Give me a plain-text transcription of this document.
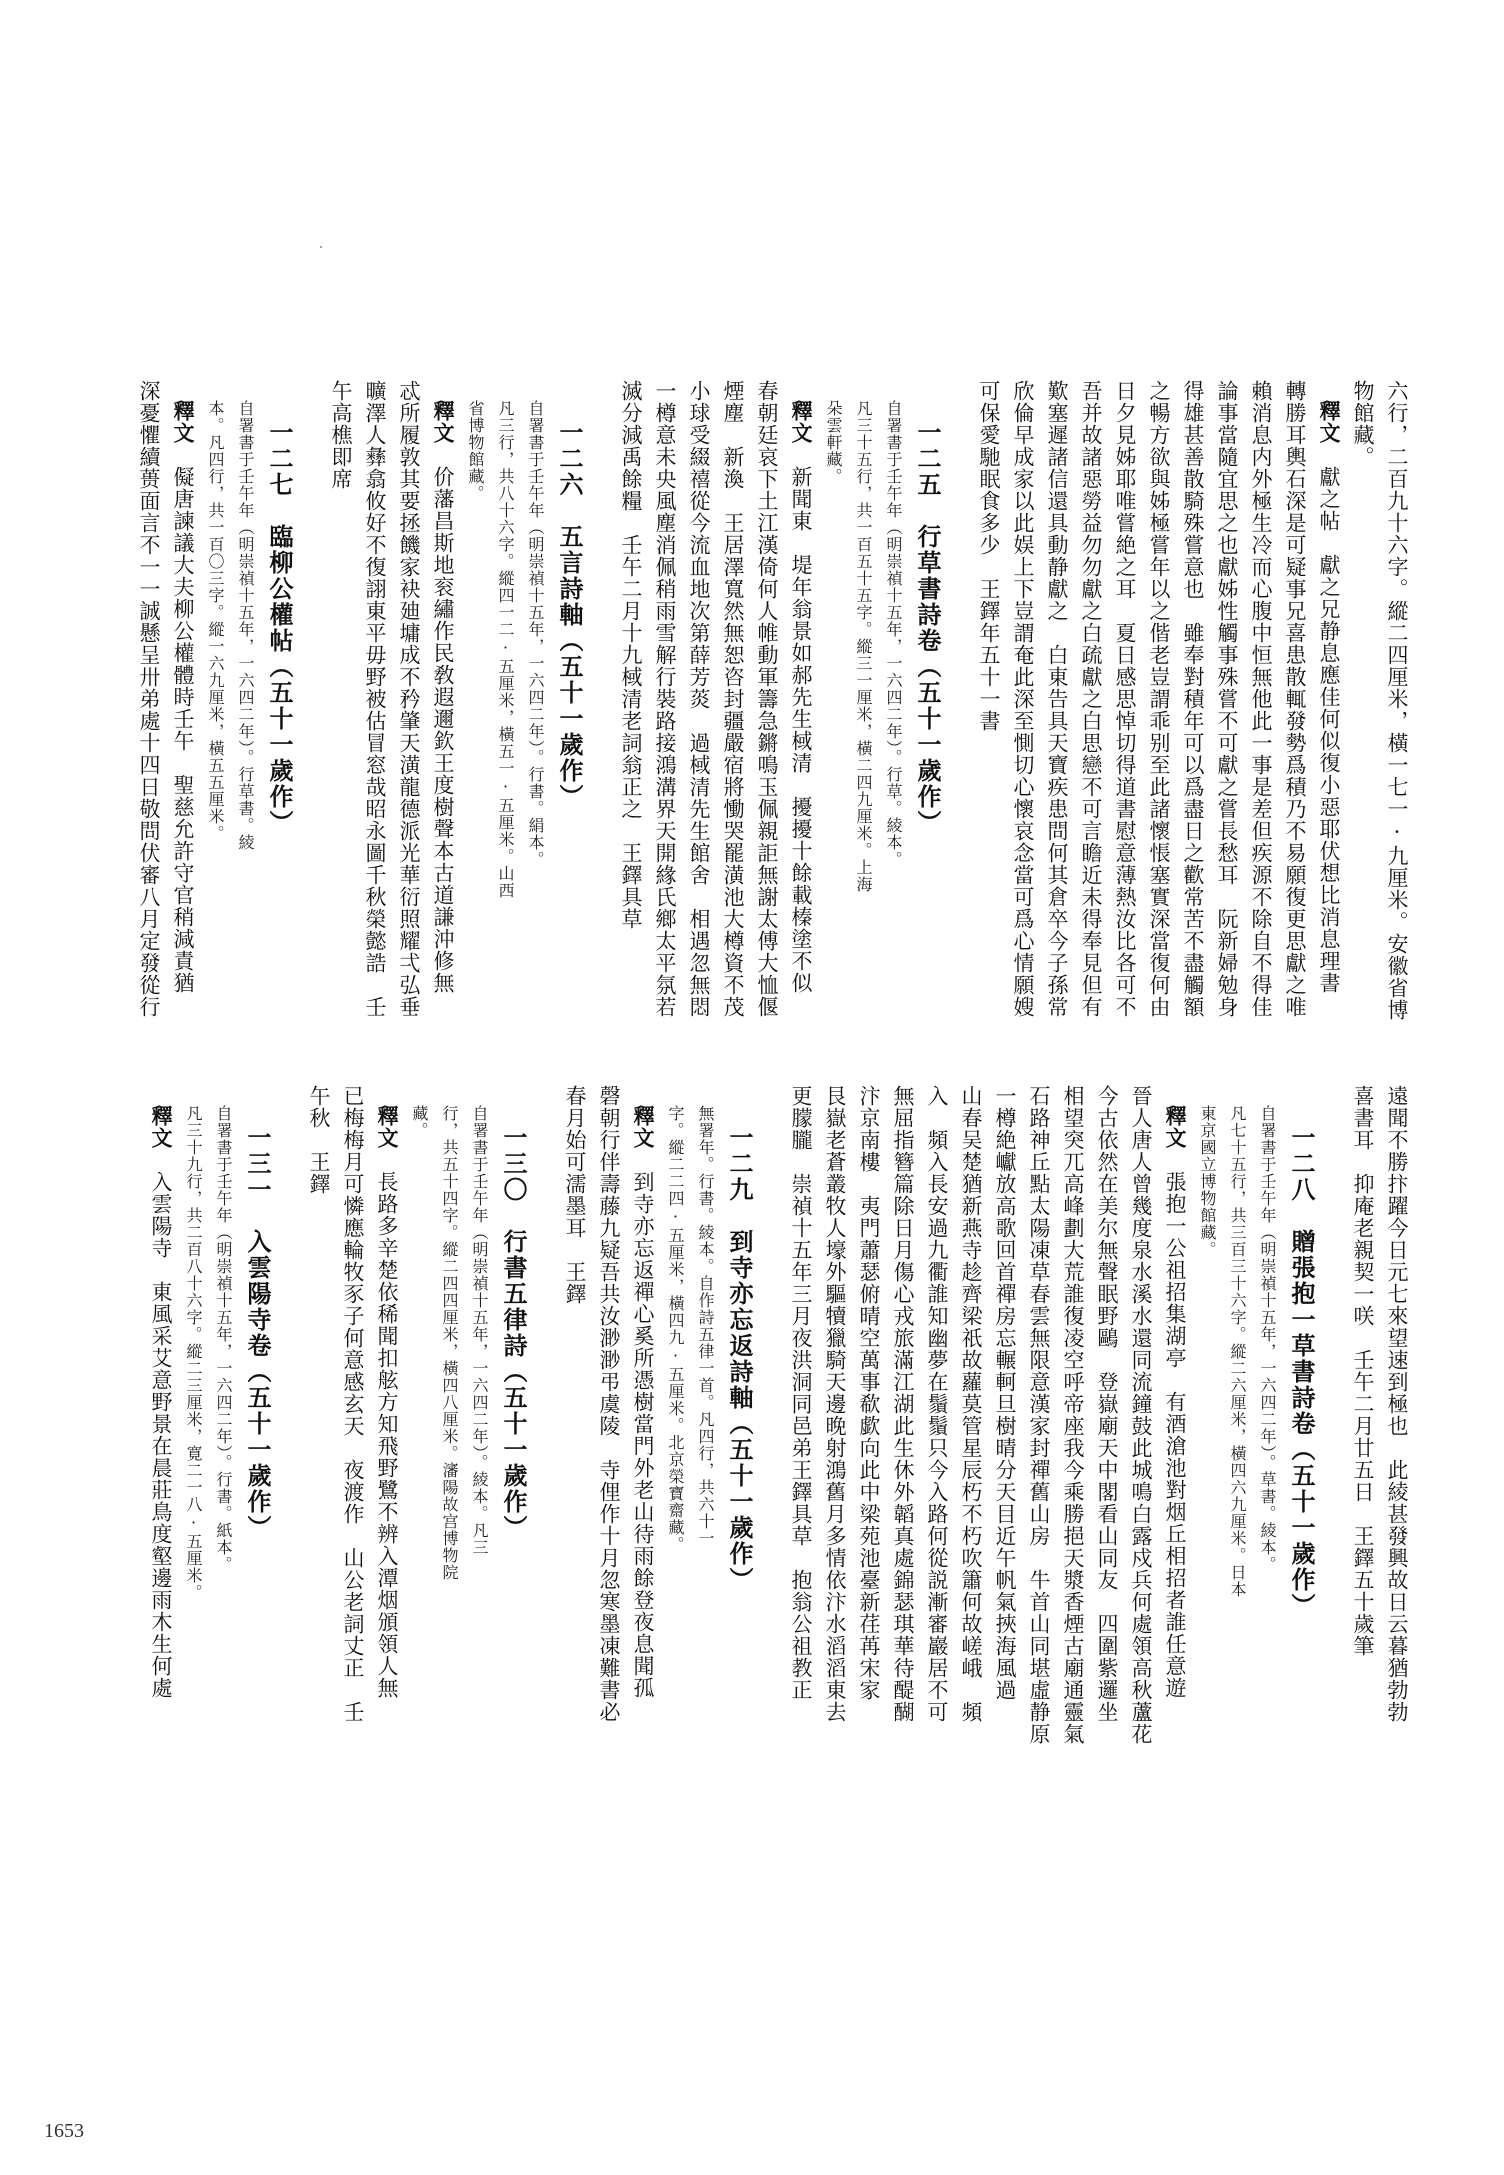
六行，二百九十六字。縱二四厘米，橫一七一·九厘米。安徽省博
物館藏。
釋文　獻之帖　獻之兄静息應佳何似復小惡耶伏想比消息理書
轉勝耳輿石深是可疑事兄喜患散輒發勢爲積乃不易願復更思獻之唯
賴消息内外極生冷而心腹中恒無他此一事是差但疾源不除自不得佳
論事當隨宜思之也獻姊性觸事殊嘗不可獻之嘗長愁耳　阮新婦勉身
得雄甚善散騎殊嘗意也　雖奉對積年可以爲盡日之歡常苦不盡觸額
之暢方欲與姊極嘗年以之偕老豈謂乖别至此諸懷悵塞實深當復何由
日夕見姊耶唯嘗絶之耳　夏日感思悼切得道書慰意薄熱汝比各可不
吾并故諸惡勞益勿勿獻之白疏獻之白思戀不可言瞻近未得奉見但有
歎塞遲諸信還具動静獻之　白東告具天寶疾患問何其倉卒今子孫常
欣倫早成家以此娱上下豈謂奄此深至惻切心懷哀念當可爲心情願嫂
可保愛馳眠食多少　王鐸年五十一書
一二五　行草書詩卷（五十一歲作）
自署書于壬午年（明崇禎十五年，一六四二年）。行草。綾本。
凡三十五行，共一百五十五字。縱三一厘米，橫二四九厘米。上海
朵雲軒藏。
釋文　新聞東　堤年翁景如郝先生棫清　擾擾十餘載榛塗不似
春朝廷哀下土江漢倚何人帷動軍籌急鏘鳴玉佩親詎無謝太傅大恤偃
煙塵　新渙　王居澤寬然無恕咨封疆嚴宿將慟哭罷潢池大樽資不茂
小球受綴禧從今流血地次第薛芳菼　過棫清先生館舍　相遇忽無悶
一樽意未央風塵消佩稍雨雪解行裝路接鴻溝界天開緣氏鄉太平氛若
滅分減禹餘糧　壬午二月十九棫清老詞翁正之　王鐸具草
一二六　五言詩軸（五十一歲作）
自署書于壬午年（明崇禎十五年，一六四二年）。行書。絹本。
凡三行，共八十六字。縱四一二·五厘米，橫五一·五厘米。山西
省博物館藏。
釋文　价藩昌斯地衮繡作民敎遐邇欽王度樹聲本古道謙沖修無
忒所履敦其要拯饑家袂廸墉成不矜肇天潢龍德派光華衍照耀弌弘垂
曠澤人彝翕攸好不復詡東平毋野被估冒窓哉昭永圖千秋榮懿誥　壬
午高樵即席
一二七　臨柳公權帖（五十一歲作）
自署書于壬午年（明崇禎十五年，一六四二年）。行草書。綾
本。凡四行，共一百〇三字。縱一六九厘米，橫五五厘米。
釋文　儗唐諫議大夫柳公權體時壬午　聖慈允許守官稍減責猶
深憂懼續蒉面言不一一誠懸呈卅弟處十四日敬問伏審八月定發從行
遠聞不勝抃躍今日元七來望速到極也　此綾甚發興故日云暮猶勃勃
喜書耳　抑庵老親契一咲　壬午二月廿五日　王鐸五十歲筆
一二八　贈張抱一草書詩卷（五十一歲作）
自署書于壬午年（明崇禎十五年，一六四二年）。草書。綾本。
凡七十五行，共三百三十六字。縱二六厘米，橫四六九厘米。日本
東京國立博物館藏。
釋文　張抱一公祖招集湖亭　有酒滄池對烟丘相招者誰任意遊
晉人唐人曾幾度泉水溪水還同流鐘鼓此城鳴白露戍兵何處領高秋蘆花
今古依然在美尔無聲眠野鷗　登嶽廟天中閣看山同友　四圍紫邏坐
相望突兀高峰劃大荒誰復凌空呼帝座我今乘勝挹天漿香煙古廟通靈氣
石路神丘點太陽凍草春雲無限意漢家封禪舊山房　牛首山同堪虛静原
一樽絶巘放高歌回首禪房忘輾軻旦樹晴分天目近午帆氣挾海風過
山春吴楚猶新燕寺趁齊梁祇故蘿莫管星辰朽不朽吹簫何故嵯峨　頻
入　頻入長安過九衢誰知幽夢在鬚鬚只今入路何從説漸審巖居不可
無屈指簪篇除日月傷心戎旅滿江湖此生休外韜真處錦瑟琪華待醍醐
汴京南樓　夷門蕭瑟俯晴空萬事欷歔向此中梁苑池臺新荏苒宋家
艮嶽老蒼叢牧人壕外驅犢獵騎天邊晚射鴻舊月多情依汴水滔滔東去
更朦朧　崇禎十五年三月夜洪洞同邑弟王鐸具草　抱翁公祖教正
一二九　到寺亦忘返詩軸（五十一歲作）
無署年。行書。綾本。自作詩五律一首。凡四行，共六十一
字。縱二二四·五厘米，橫四九·五厘米。北京榮寶齋藏。
釋文　到寺亦忘返禪心奚所憑樹當門外老山待雨餘登夜息聞孤
磬朝行伴壽藤九疑吾共汝渺渺弔虞陵　寺俚作十月忽寒墨凍難書必
春月始可濡墨耳　王鐸
一三〇　行書五律詩（五十一歲作）
自署書于壬午年（明崇禎十五年，一六四二年）。綾本。凡三
行，共五十四字。縱二四四厘米，橫四八厘米。瀋陽故宫博物院
藏。
釋文　長路多辛楚依稀聞扣舷方知飛野鷺不辨入潭烟頒領人無
已梅梅月可憐應輪牧豕子何意感玄天　夜渡作　山公老詞丈正　壬
午秋　王鐸
一三一　入雲陽寺卷（五十一歲作）
自署書于壬午年（明崇禎十五年，一六四二年）。行書。紙本。
凡三十九行，共二百八十六字。縱二三厘米，寛二一八·五厘米。
釋文　入雲陽寺　東風采艾意野景在晨莊鳥度壑邊雨木生何處
1653
